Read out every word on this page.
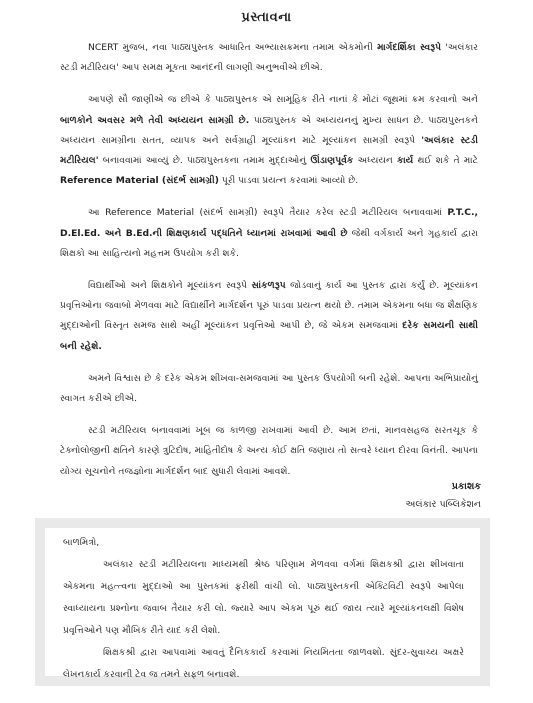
પ્રસ્તાવના

NCERT મુજબ, નવા પાઠ્યપુસ્તક આધારિત અભ્યાસક્રમના તમામ એકમોની માર્ગદર્શિકા સ્વરૂપે 'અલંકાર સ્ટડી મટીરિયલ' આપ સમક્ષ મૂકતા આનંદની લાગણી અનુભવીએ છીએ.

આપણે સૌ જાણીએ જ છીએ કે પાઠ્યપુસ્તક એ સામૂહિક રીતે નાનાં કે મોટાં જૂથમાં ક્રમ કરવાનો અને બાળકોને અવસર મળે તેવી અધ્યયન સામગ્રી છે. પાઠ્યપુસ્તક એ અધ્યયનનું મુખ્ય સાધન છે. પાઠ્યપુસ્તકને અધ્યયન સામગ્રીના સતત, વ્યાપક અને સર્વગ્રાહી મૂલ્યાંકન માટે મૂલ્યાંકન સામગ્રી સ્વરૂપે 'અલંકાર સ્ટડી મટીરિયલ' બનાવવામાં આવ્યું છે. પાઠ્યપુસ્તકના તમામ મુદ્દાઓનું ઊંડાણપૂર્વક અધ્યયન કાર્ય થઈ શકે તે માટે Reference Material (સંદર્ભ સામગ્રી) પૂરી પાડવા પ્રયત્ન કરવામાં આવ્યો છે.

આ Reference Material (સંદર્ભ સામગ્રી) સ્વરૂપે તૈયાર કરેલ સ્ટડી મટીરિયલ બનાવવામાં P.T.C., D.El.Ed. અને B.Ed.ની શિક્ષણકાર્ય પદ્ધતિને ધ્યાનમાં રાખવામાં આવી છે જેથી વર્ગકાર્ય અને ગૃહકાર્ય દ્વારા શિક્ષકો આ સાહિત્યનો મહત્તમ ઉપયોગ કરી શકે.

વિદ્યાર્થીઓ અને શિક્ષકોને મૂલ્યાંકન સ્વરૂપે સાંકળરૂપ જોડવાનું કાર્ય આ પુસ્તક દ્વારા કર્યું છે. મૂલ્યાંકન પ્રવૃત્તિઓના જવાબો મેળવવા માટે વિદ્યાર્થીને માર્ગદર્શન પૂરું પાડવા પ્રયત્ન થયો છે. તમામ એકમના બધા જ શૈક્ષણિક મુદ્દાઓની વિસ્તૃત સમજ સાથે અહીં મૂલ્યાંકન પ્રવૃત્તિઓ આપી છે, જે એકમ સમજવામાં દરેક સમયની સાથી બની રહેશે.

અમને વિશ્વાસ છે કે દરેક એકમ શીખવા-સમજવામાં આ પુસ્તક ઉપયોગી બની રહેશે. આપના અભિપ્રાયોનું સ્વાગત કરીએ છીએ.

સ્ટડી મટીરિયલ બનાવવામાં ખૂબ જ કાળજી રાખવામાં આવી છે. આમ છતાં, માનવસહજ સરતચૂક કે ટેક્નોલોજીની ક્ષતિને કારણે ત્રુટિદોષ, માહિતીદોષ કે અન્ય કોઈ ક્ષતિ જણાય તો સત્વરે ધ્યાન દોરવા વિનંતી. આપના યોગ્ય સૂચનોને તજજ્ઞોના માર્ગદર્શન બાદ સુધારી લેવામાં આવશે.

પ્રકાશક
અલંકાર પબ્લિકેશન
બાળમિત્રો,

અલંકાર સ્ટડી મટીરિયલના માધ્યમથી શ્રેષ્ઠ પરિણામ મેળવવા વર્ગમાં શિક્ષકશ્રી દ્વારા શીખવાતા એકમના મહત્ત્વના મુદ્દાઓ આ પુસ્તકમાં ફરીથી વાંચી લો. પાઠ્યપુસ્તકની એક્ટિવિટી સ્વરૂપે આપેલા સ્વાધ્યાયના પ્રશ્નોના જવાબ તૈયાર કરી લો. જ્યારે આપ એકમ પૂરું થઈ જાય ત્યારે મૂલ્યાંકનલક્ષી વિશેષ પ્રવૃત્તિઓને પણ મૌખિક રીતે યાદ કરી લેશો.

શિક્ષકશ્રી દ્વારા આપવામાં આવતું દૈનિકકાર્ય કરવામાં નિયમિતતા જાળવશો. સુંદર-સુવાચ્ય અક્ષરે લેખનકાર્ય કરવાની ટેવ જ તમને સફળ બનાવશે.
